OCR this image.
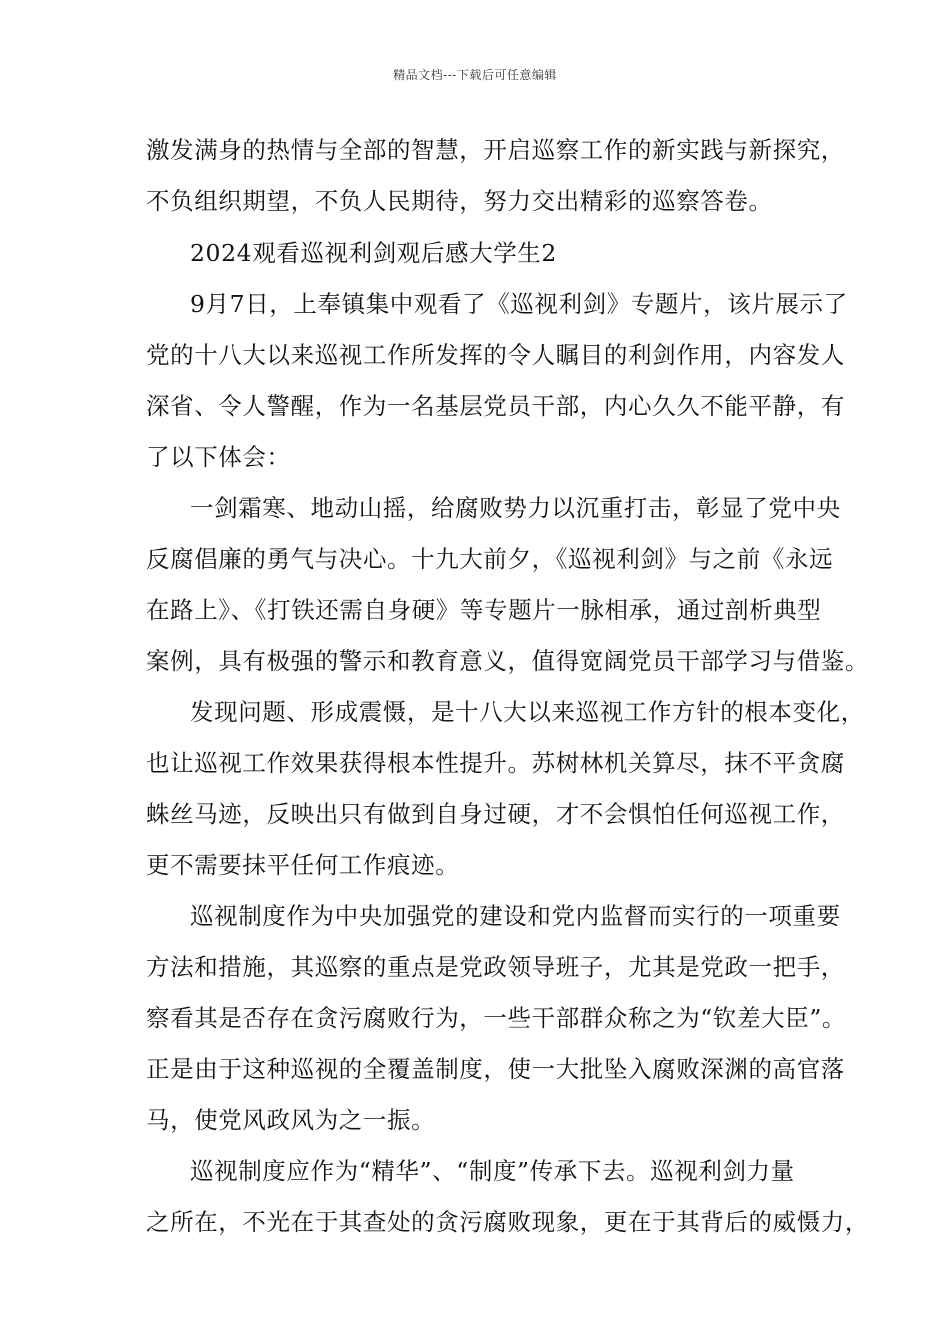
精品文档---下载后可任意编辑
激发满身的热情与全部的智慧，开启巡察工作的新实践与新探究，
不负组织期望，不负人民期待，努力交出精彩的巡察答卷。
2024观看巡视利剑观后感大学生2
9月7日，上奉镇集中观看了《巡视利剑》专题片，该片展示了
党的十八大以来巡视工作所发挥的令人瞩目的利剑作用，内容发人
深省、令人警醒，作为一名基层党员干部，内心久久不能平静，有
了以下体会：
一剑霜寒、地动山摇，给腐败势力以沉重打击，彰显了党中央
反腐倡廉的勇气与决心。十九大前夕，《巡视利剑》与之前《永远
在路上》、《打铁还需自身硬》等专题片一脉相承，通过剖析典型
案例，具有极强的警示和教育意义，值得宽阔党员干部学习与借鉴。
发现问题、形成震慑，是十八大以来巡视工作方针的根本变化，
也让巡视工作效果获得根本性提升。苏树林机关算尽，抹不平贪腐
蛛丝马迹，反映出只有做到自身过硬，才不会惧怕任何巡视工作，
更不需要抹平任何工作痕迹。
巡视制度作为中央加强党的建设和党内监督而实行的一项重要
方法和措施，其巡察的重点是党政领导班子，尤其是党政一把手，
察看其是否存在贪污腐败行为，一些干部群众称之为“钦差大臣”。
正是由于这种巡视的全覆盖制度，使一大批坠入腐败深渊的高官落
马，使党风政风为之一振。
巡视制度应作为“精华”、“制度”传承下去。巡视利剑力量
之所在，不光在于其查处的贪污腐败现象，更在于其背后的威慑力，
